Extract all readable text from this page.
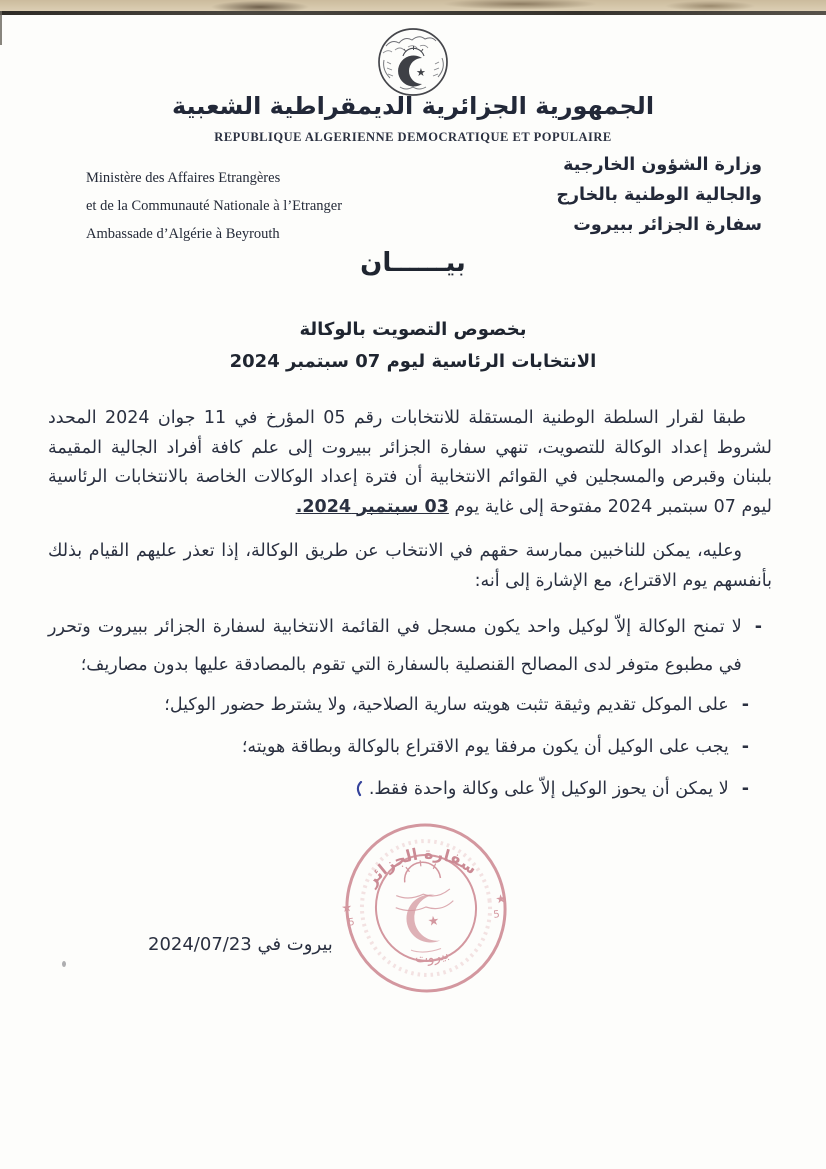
★
الجمهورية الجزائرية الديمقراطية الشعبية
REPUBLIQUE ALGERIENNE DEMOCRATIQUE ET POPULAIRE
Ministère des Affaires Etrangères
et de la Communauté Nationale à l’Etranger
Ambassade d’Algérie à Beyrouth
وزارة الشؤون الخارجية
والجالية الوطنية بالخارج
سفارة الجزائر ببيروت
بيــــــان
بخصوص التصويت بالوكالة
الانتخابات الرئاسية ليوم 07 سبتمبر 2024
طبقا لقرار السلطة الوطنية المستقلة للانتخابات رقم 05 المؤرخ في 11 جوان 2024 المحدد لشروط إعداد الوكالة للتصويت، تنهي سفارة الجزائر ببيروت إلى علم كافة أفراد الجالية المقيمة بلبنان وقبرص والمسجلين في القوائم الانتخابية أن فترة إعداد الوكالات الخاصة بالانتخابات الرئاسية ليوم 07 سبتمبر 2024 مفتوحة إلى غاية يوم 03 سبتمبر 2024.
وعليه، يمكن للناخبين ممارسة حقهم في الانتخاب عن طريق الوكالة، إذا تعذر عليهم القيام بذلك بأنفسهم يوم الاقتراع، مع الإشارة إلى أنه:
-
لا تمنح الوكالة إلاّ لوكيل واحد يكون مسجل في القائمة الانتخابية لسفارة الجزائر ببيروت وتحرر في مطبوع متوفر لدى المصالح القنصلية بالسفارة التي تقوم بالمصادقة عليها بدون مصاريف؛
-
على الموكل تقديم وثيقة تثبت هويته سارية الصلاحية، ولا يشترط حضور الوكيل؛
-
يجب على الوكيل أن يكون مرفقا يوم الاقتراع بالوكالة وبطاقة هويته؛
-
لا يمكن أن يحوز الوكيل إلاّ على وكالة واحدة فقط.
سفارة الجزائر
بيروت
★
5
★
5
★
بيروت في 2024/07/23
